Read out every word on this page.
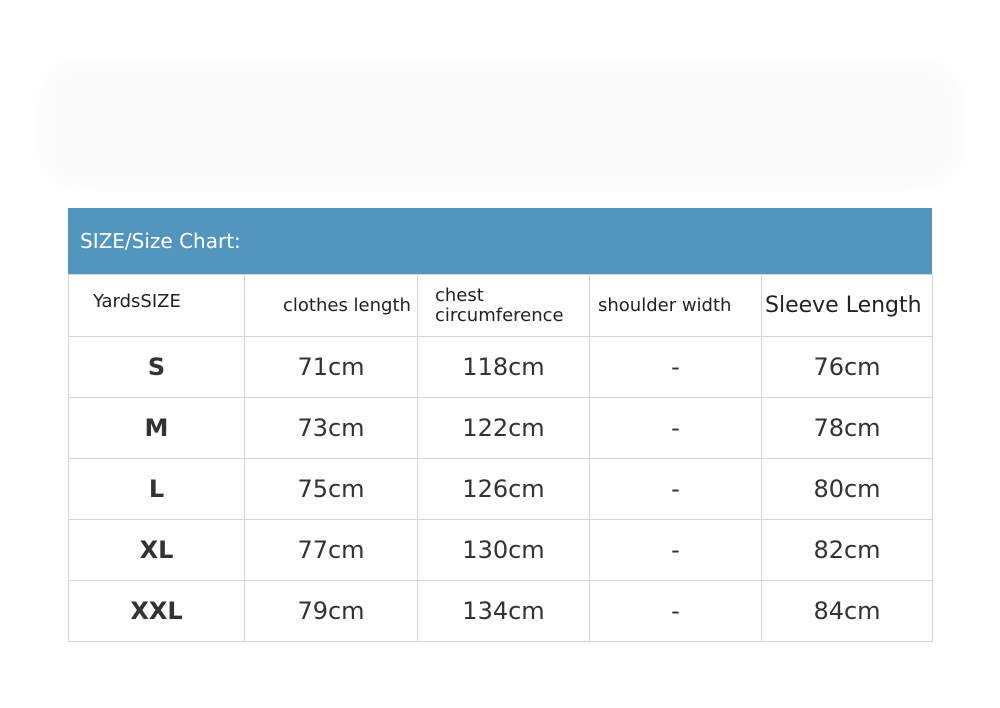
SIZE/Size Chart:
YardsSIZE	clothes length	chest circumference	shoulder width	Sleeve Length
S	71cm	118cm	-	76cm
M	73cm	122cm	-	78cm
L	75cm	126cm	-	80cm
XL	77cm	130cm	-	82cm
XXL	79cm	134cm	-	84cm
